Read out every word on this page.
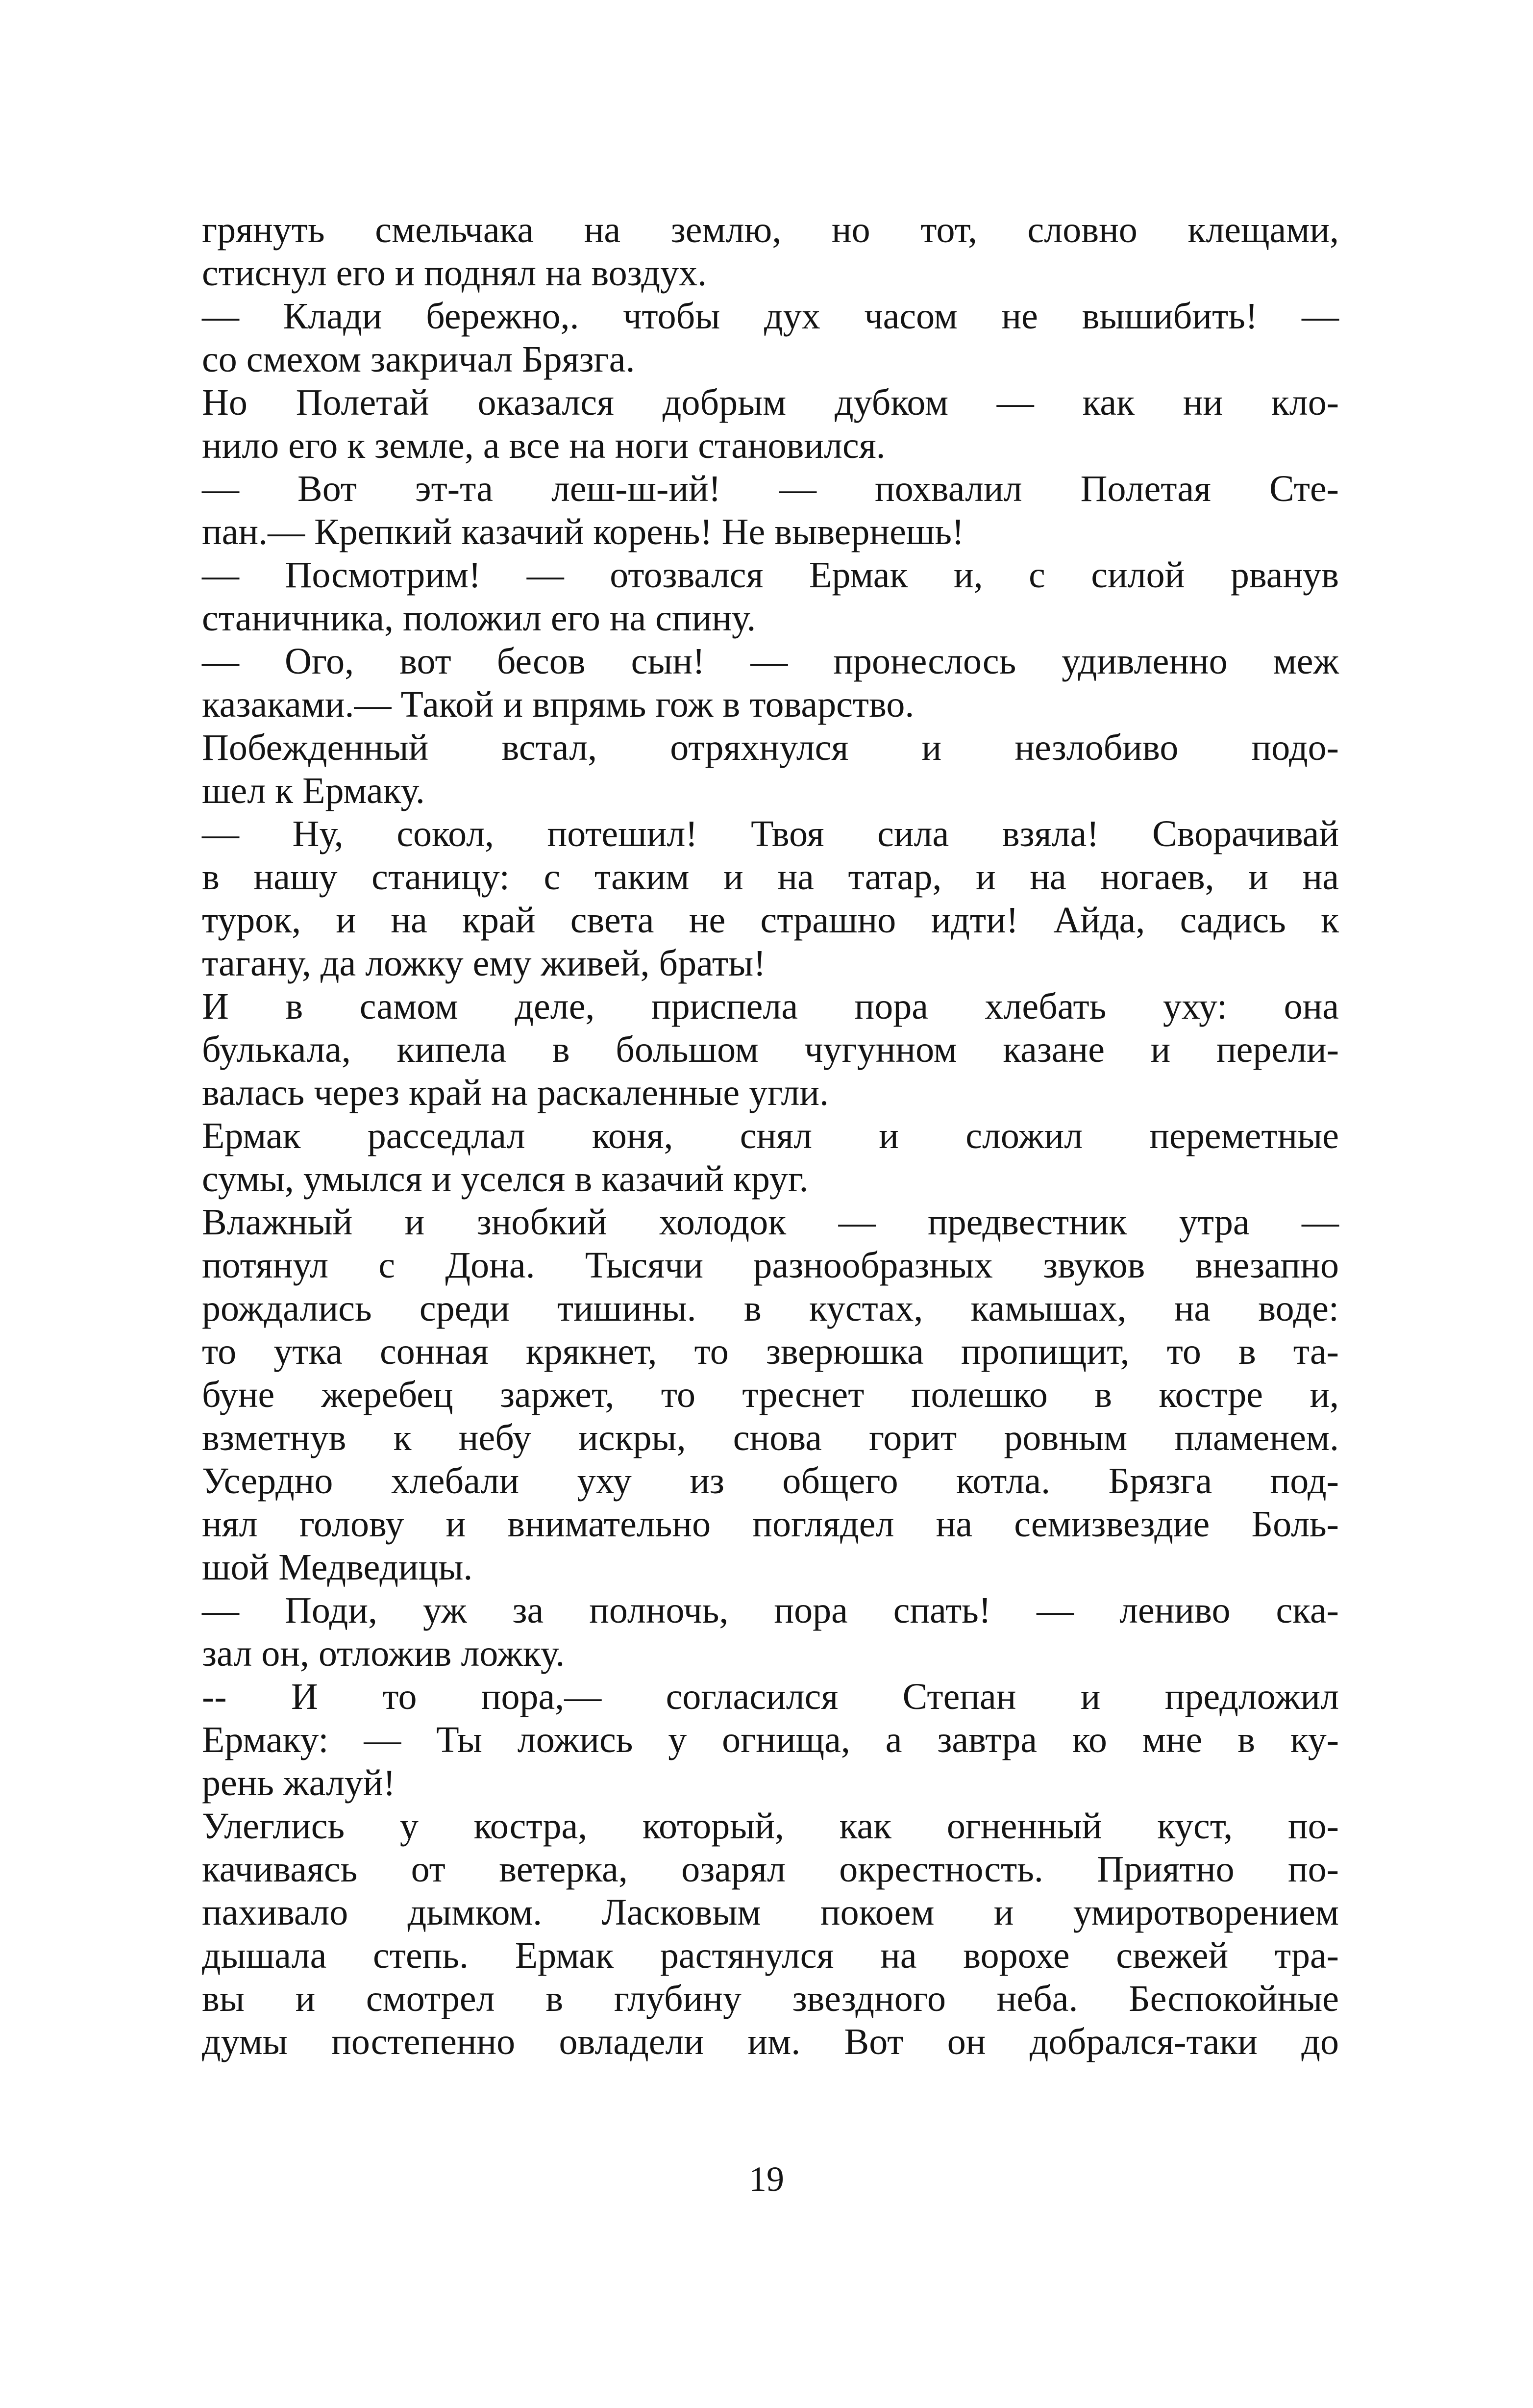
грянуть смельчака на землю, но тот, словно клещами,
стиснул его и поднял на воздух.
— Клади бережно,. чтобы дух часом не вышибить! —
со смехом закричал Брязга.
Но Полетай оказался добрым дубком — как ни кло-
нило его к земле, а все на ноги становился.
— Вот эт-та леш-ш-ий! — похвалил Полетая Сте-
пан.— Крепкий казачий корень! Не вывернешь!
— Посмотрим! — отозвался Ермак и, с силой рванув
станичника, положил его на спину.
— Ого, вот бесов сын! — пронеслось удивленно меж
казаками.— Такой и впрямь гож в товарство.
Побежденный встал, отряхнулся и незлобиво подо-
шел к Ермаку.
— Ну, сокол, потешил! Твоя сила взяла! Сворачивай
в нашу станицу: с таким и на татар, и на ногаев, и на
турок, и на край света не страшно идти! Айда, садись к
тагану, да ложку ему живей, браты!
И в самом деле, приспела пора хлебать уху: она
булькала, кипела в большом чугунном казане и перели-
валась через край на раскаленные угли.
Ермак расседлал коня, снял и сложил переметные
сумы, умылся и уселся в казачий круг.
Влажный и знобкий холодок — предвестник утра —
потянул с Дона. Тысячи разнообразных звуков внезапно
рождались среди тишины. в кустах, камышах, на воде:
то утка сонная крякнет, то зверюшка пропищит, то в та-
буне жеребец заржет, то треснет полешко в костре и,
взметнув к небу искры, снова горит ровным пламенем.
Усердно хлебали уху из общего котла. Брязга под-
нял голову и внимательно поглядел на семизвездие Боль-
шой Медведицы.
— Поди, уж за полночь, пора спать! — лениво ска-
зал он, отложив ложку.
-- И то пора,— согласился Степан и предложил
Ермаку: — Ты ложись у огнища, а завтра ко мне в ку-
рень жалуй!
Улеглись у костра, который, как огненный куст, по-
качиваясь от ветерка, озарял окрестность. Приятно по-
пахивало дымком. Ласковым покоем и умиротворением
дышала степь. Ермак растянулся на ворохе свежей тра-
вы и смотрел в глубину звездного неба. Беспокойные
думы постепенно овладели им. Вот он добрался-таки до
19
